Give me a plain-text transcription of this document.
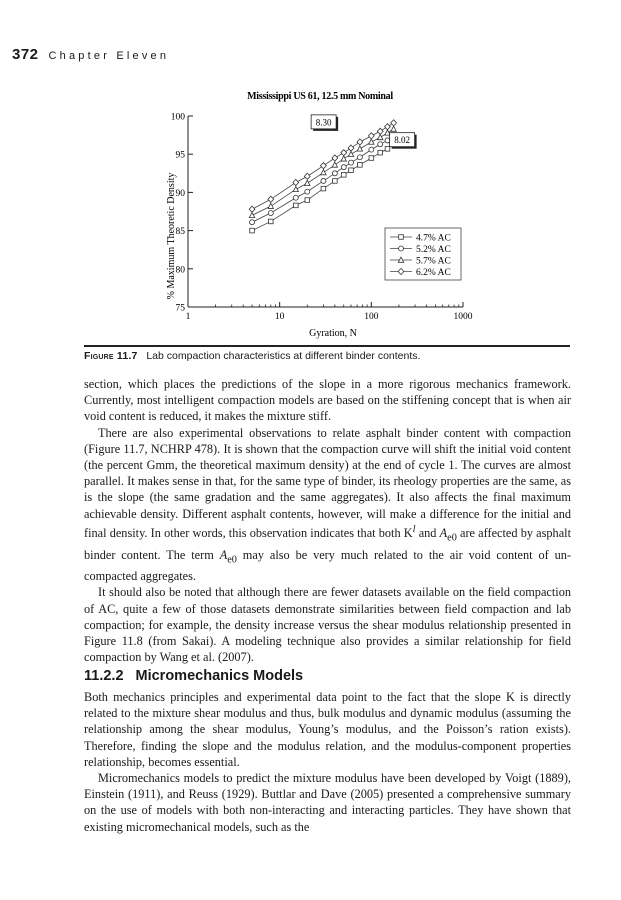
372 Chapter Eleven
Mississippi US 61, 12.5 mm Nominal
75
80
85
90
95
100
1	10	100	1000
8.30
8.02
4.7% AC
5.2% AC
5.7% AC
6.2% AC
Gyration, N
% Maximum Theoretic Density
Figure 11.7 Lab compaction characteristics at different binder contents.

section, which places the predictions of the slope in a more rigorous mechanics framework. Currently, most intelligent compaction models are based on the stiffening concept that is when air void content is reduced, it makes the mixture stiff.

There are also experimental observations to relate asphalt binder content with compaction (Figure 11.7, NCHRP 478). It is shown that the compaction curve will shift the initial void content (the percent Gmm, the theoretical maximum density) at the end of cycle 1. The curves are almost parallel. It makes sense in that, for the same type of binder, its rheology properties are the same, as is the slope (the same gradation and the same aggregates). It also affects the final maximum achievable density. Different asphalt contents, however, will make a difference for the initial and final density. In other words, this observation indicates that both $K^l$ and $A_{e0}$ are affected by asphalt binder content. The term $A_{e0}$ may also be very much related to the air void content of un-compacted aggregates.

It should also be noted that although there are fewer datasets available on the field compaction of AC, quite a few of those datasets demonstrate similarities between field compaction and lab compaction; for example, the density increase versus the shear modulus relationship presented in Figure 11.8 (from Sakai). A modeling technique also provides a similar relationship for field compaction by Wang et al. (2007).

11.2.2 Micromechanics Models

Both mechanics principles and experimental data point to the fact that the slope K is directly related to the mixture shear modulus and thus, bulk modulus and dynamic modulus (assuming the relationship among the shear modulus, Young’s modulus, and the Poisson’s ration exists). Therefore, finding the slope and the modulus relation, and the modulus-component properties relationship, becomes essential.

Micromechanics models to predict the mixture modulus have been developed by Voigt (1889), Einstein (1911), and Reuss (1929). Buttlar and Dave (2005) presented a comprehensive summary on the use of models with both non-interacting and interacting particles. They have shown that existing micromechanical models, such as the
